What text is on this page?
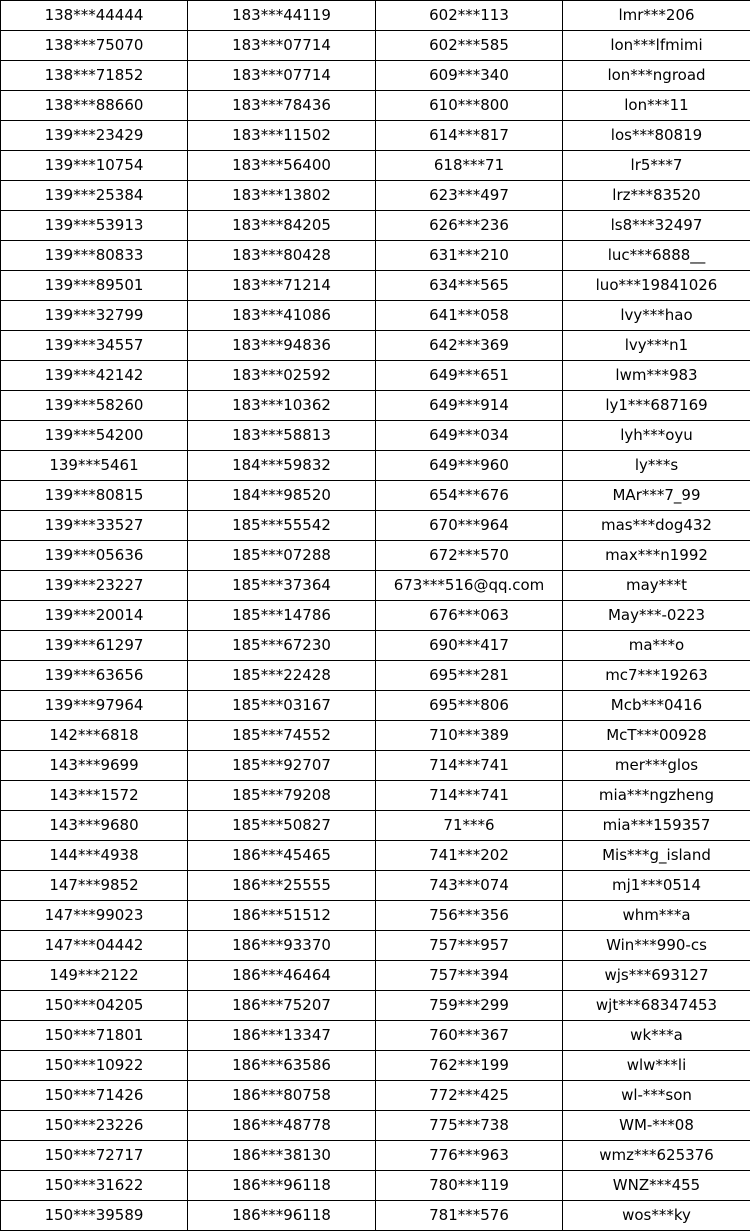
138***44444	183***44119	602***113	lmr***206
138***75070	183***07714	602***585	lon***lfmimi
138***71852	183***07714	609***340	lon***ngroad
138***88660	183***78436	610***800	lon***11
139***23429	183***11502	614***817	los***80819
139***10754	183***56400	618***71	lr5***7
139***25384	183***13802	623***497	lrz***83520
139***53913	183***84205	626***236	ls8***32497
139***80833	183***80428	631***210	luc***6888__
139***89501	183***71214	634***565	luo***19841026
139***32799	183***41086	641***058	lvy***hao
139***34557	183***94836	642***369	lvy***n1
139***42142	183***02592	649***651	lwm***983
139***58260	183***10362	649***914	ly1***687169
139***54200	183***58813	649***034	lyh***oyu
139***5461	184***59832	649***960	ly***s
139***80815	184***98520	654***676	MAr***7_99
139***33527	185***55542	670***964	mas***dog432
139***05636	185***07288	672***570	max***n1992
139***23227	185***37364	673***516@qq.com	may***t
139***20014	185***14786	676***063	May***-0223
139***61297	185***67230	690***417	ma***o
139***63656	185***22428	695***281	mc7***19263
139***97964	185***03167	695***806	Mcb***0416
142***6818	185***74552	710***389	McT***00928
143***9699	185***92707	714***741	mer***glos
143***1572	185***79208	714***741	mia***ngzheng
143***9680	185***50827	71***6	mia***159357
144***4938	186***45465	741***202	Mis***g_island
147***9852	186***25555	743***074	mj1***0514
147***99023	186***51512	756***356	whm***a
147***04442	186***93370	757***957	Win***990-cs
149***2122	186***46464	757***394	wjs***693127
150***04205	186***75207	759***299	wjt***68347453
150***71801	186***13347	760***367	wk***a
150***10922	186***63586	762***199	wlw***li
150***71426	186***80758	772***425	wl-***son
150***23226	186***48778	775***738	WM-***08
150***72717	186***38130	776***963	wmz***625376
150***31622	186***96118	780***119	WNZ***455
150***39589	186***96118	781***576	wos***ky
